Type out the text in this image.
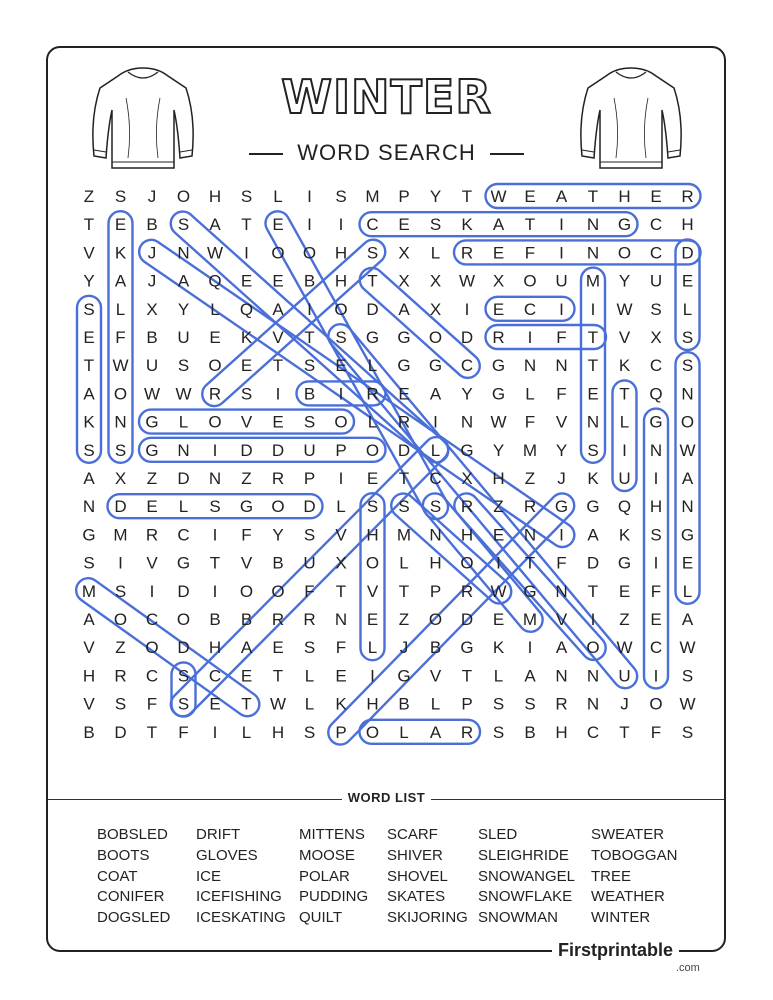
WINTER
WORD SEARCH
Z S J O H S L I S M P Y T W E A T H E R
T E B S A T E I I C E S K A T I N G C H
V K J N W I O O H S X L R E F I N O C D
Y A J A Q E E B H T X X W X O U M Y U E
S L X Y L Q A I O D A X I E C I I W S L
E F B U E K V T S G G O D R I F T V X S
T W U S O E T S E L G G C G N N T K C S
A O W W R S I B I R E A Y G L F E T Q N
K N G L O V E S O L R I N W F V N L G O
S S G N I D D U P O D L G Y M Y S I N W
A X Z D N Z R P I E T C X H Z J K U I A
N D E L S G O D L S S S R Z R G G Q H N
G M R C I F Y S V H M N H E N I A K S G
S I V G T V B U X O L H O I T F D G I E
M S I D I O O F T V T P R W G N T E F L
A O C O B B R R N E Z O D E M V I Z E A
V Z O D H A E S F L J B G K I A O W C W
H R C S C E T L E I G V T L A N N U I S
V S F S E T W L K H B L P S S R N J O W
B D T F I L H S P O L A R S B H C T F S
WORD LIST
BOBSLED
BOOTS
COAT
CONIFER
DOGSLED
DRIFT
GLOVES
ICE
ICEFISHING
ICESKATING
MITTENS
MOOSE
POLAR
PUDDING
QUILT
SCARF
SHIVER
SHOVEL
SKATES
SKIJORING
SLED
SLEIGHRIDE
SNOWANGEL
SNOWFLAKE
SNOWMAN
SWEATER
TOBOGGAN
TREE
WEATHER
WINTER
Firstprintable
.com
